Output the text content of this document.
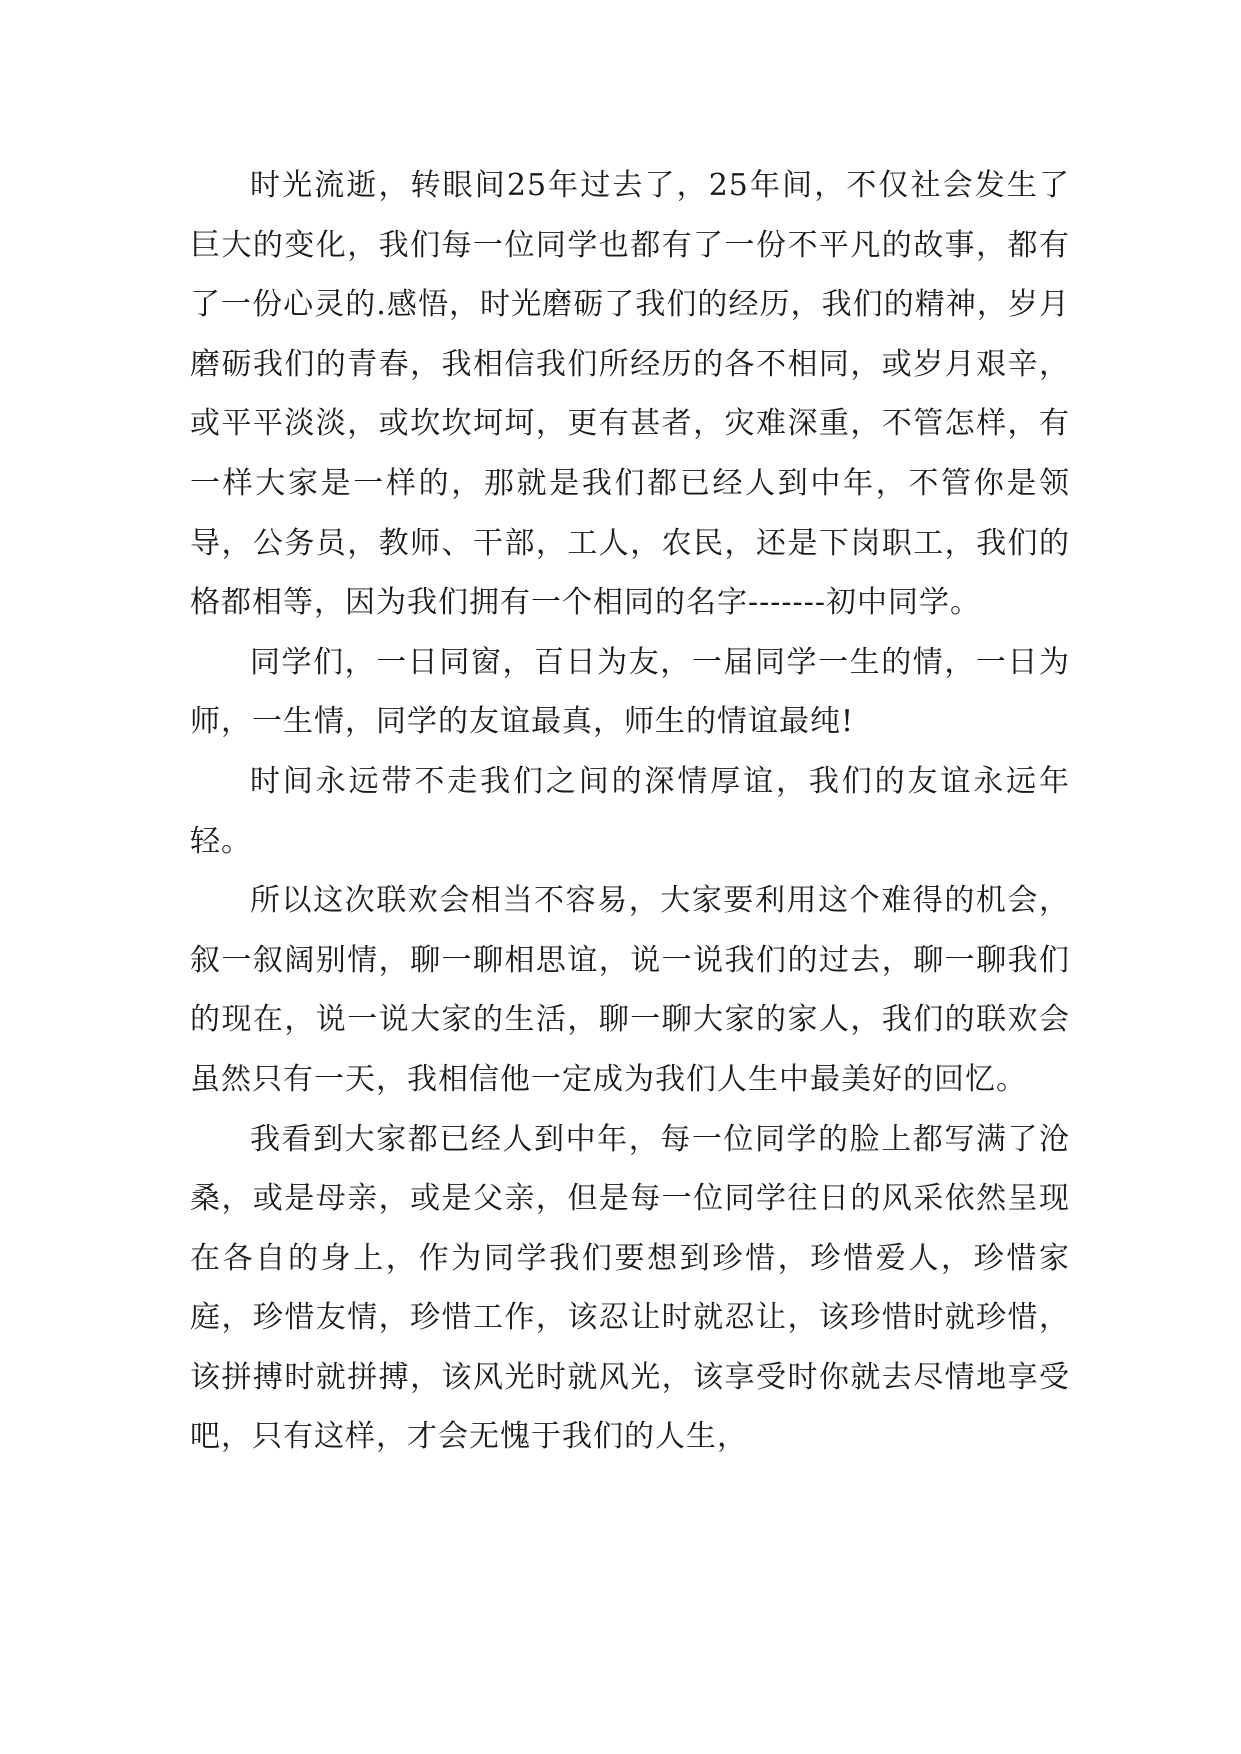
时光流逝，转眼间25年过去了，25年间，不仅社会发生了巨大的变化，我们每一位同学也都有了一份不平凡的故事，都有了一份心灵的.感悟，时光磨砺了我们的经历，我们的精神，岁月磨砺我们的青春，我相信我们所经历的各不相同，或岁月艰辛，或平平淡淡，或坎坎坷坷，更有甚者，灾难深重，不管怎样，有一样大家是一样的，那就是我们都已经人到中年，不管你是领导，公务员，教师、干部，工人，农民，还是下岗职工，我们的格都相等，因为我们拥有一个相同的名字-------初中同学。

同学们，一日同窗，百日为友，一届同学一生的情，一日为师，一生情，同学的友谊最真，师生的情谊最纯!

时间永远带不走我们之间的深情厚谊，我们的友谊永远年轻。

所以这次联欢会相当不容易，大家要利用这个难得的机会，叙一叙阔别情，聊一聊相思谊，说一说我们的过去，聊一聊我们的现在，说一说大家的生活，聊一聊大家的家人，我们的联欢会虽然只有一天，我相信他一定成为我们人生中最美好的回忆。

我看到大家都已经人到中年，每一位同学的脸上都写满了沧桑，或是母亲，或是父亲，但是每一位同学往日的风采依然呈现在各自的身上，作为同学我们要想到珍惜，珍惜爱人，珍惜家庭，珍惜友情，珍惜工作，该忍让时就忍让，该珍惜时就珍惜，该拼搏时就拼搏，该风光时就风光，该享受时你就去尽情地享受吧，只有这样，才会无愧于我们的人生，
